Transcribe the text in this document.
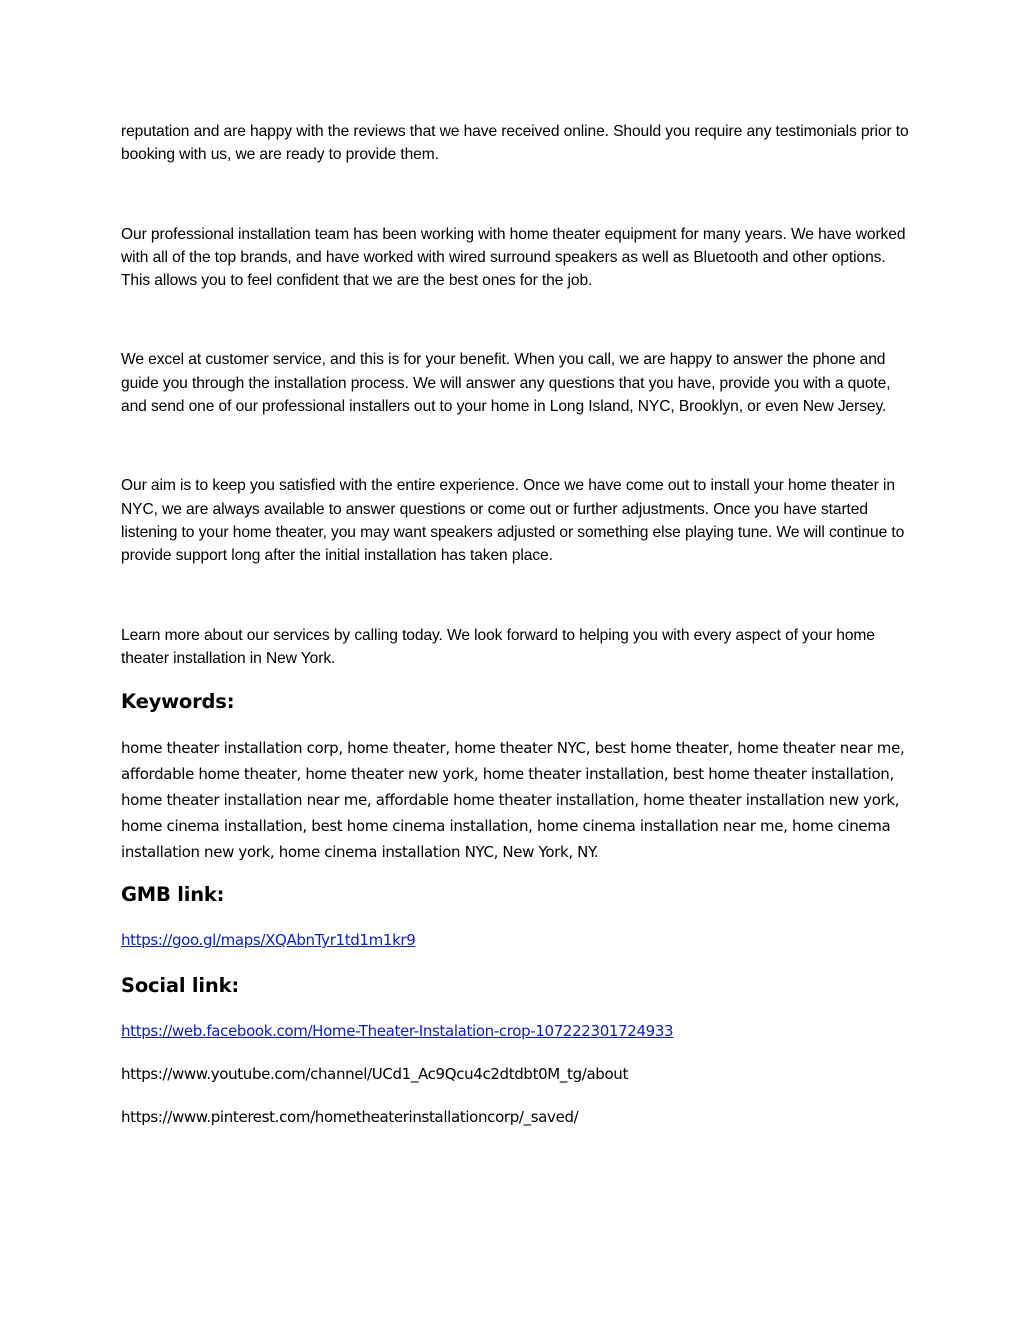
reputation and are happy with the reviews that we have received online. Should you require any testimonials prior to booking with us, we are ready to provide them.

Our professional installation team has been working with home theater equipment for many years. We have worked with all of the top brands, and have worked with wired surround speakers as well as Bluetooth and other options. This allows you to feel confident that we are the best ones for the job.

We excel at customer service, and this is for your benefit. When you call, we are happy to answer the phone and guide you through the installation process. We will answer any questions that you have, provide you with a quote, and send one of our professional installers out to your home in Long Island, NYC, Brooklyn, or even New Jersey.

Our aim is to keep you satisfied with the entire experience. Once we have come out to install your home theater in NYC, we are always available to answer questions or come out or further adjustments. Once you have started listening to your home theater, you may want speakers adjusted or something else playing tune. We will continue to provide support long after the initial installation has taken place.

Learn more about our services by calling today. We look forward to helping you with every aspect of your home theater installation in New York.

Keywords:

home theater installation corp, home theater, home theater NYC, best home theater, home theater near me, affordable home theater, home theater new york, home theater installation, best home theater installation, home theater installation near me, affordable home theater installation, home theater installation new york, home cinema installation, best home cinema installation, home cinema installation near me, home cinema installation new york, home cinema installation NYC, New York, NY.

GMB link:

https://goo.gl/maps/XQAbnTyr1td1m1kr9

Social link:

https://web.facebook.com/Home-Theater-Instalation-crop-107222301724933

https://www.youtube.com/channel/UCd1_Ac9Qcu4c2dtdbt0M_tg/about

https://www.pinterest.com/hometheaterinstallationcorp/_saved/
